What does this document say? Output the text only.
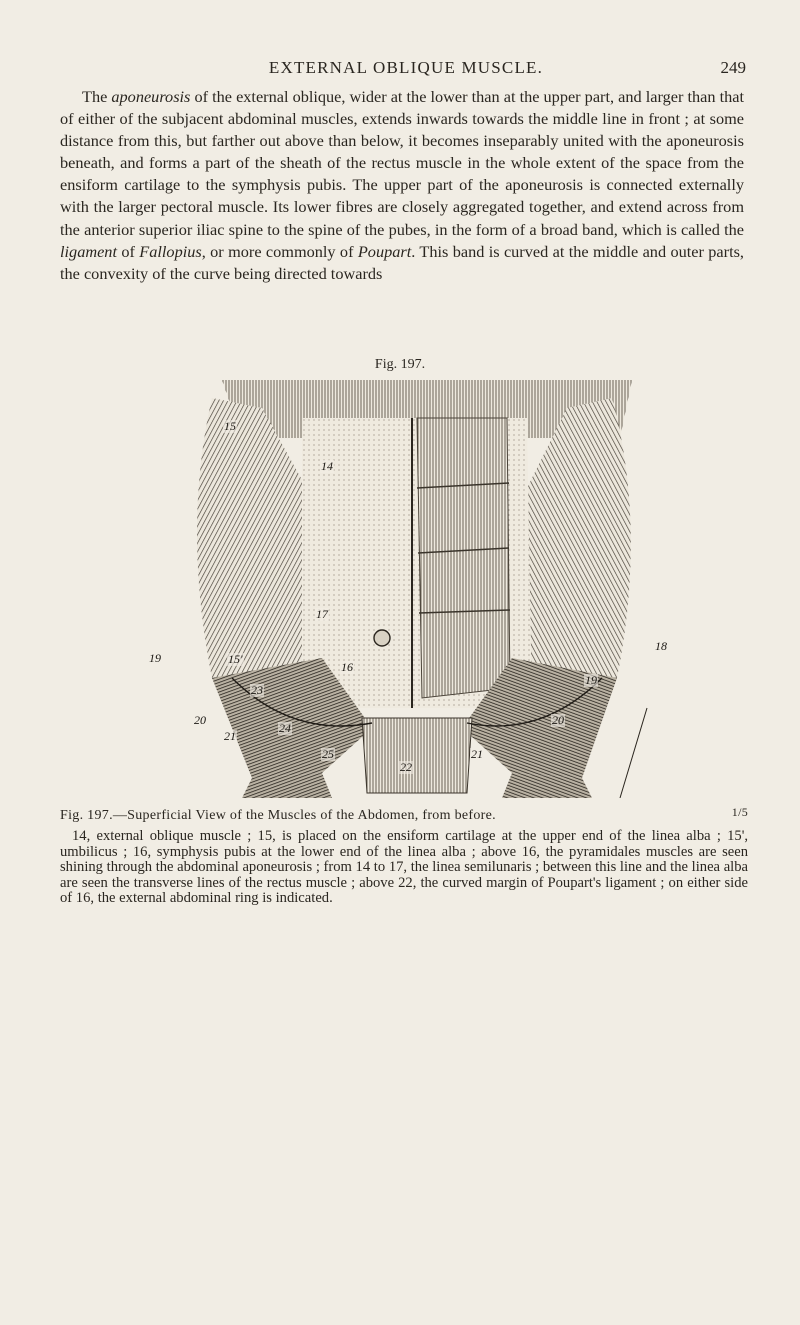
EXTERNAL OBLIQUE MUSCLE.	249

The aponeurosis of the external oblique, wider at the lower than at the upper part, and larger than that of either of the subjacent abdominal muscles, extends inwards towards the middle line in front ; at some distance from this, but farther out above than below, it becomes inseparably united with the aponeurosis beneath, and forms a part of the sheath of the rectus muscle in the whole extent of the space from the ensiform cartilage to the symphysis pubis. The upper part of the aponeurosis is connected externally with the larger pectoral muscle. Its lower fibres are closely aggregated together, and extend across from the anterior superior iliac spine to the spine of the pubes, in the form of a broad band, which is called the ligament of Fallopius, or more commonly of Poupart. This band is curved at the middle and outer parts, the convexity of the curve being directed towards

Fig. 197.
15
14
15'
17
18
19
16
23
19
20	20
21
24
25	21
22
Fig. 197.—Superficial View of the Muscles of the Abdomen, from before.	1/5

14, external oblique muscle ; 15, is placed on the ensiform cartilage at the upper end of the linea alba ; 15', umbilicus ; 16, symphysis pubis at the lower end of the linea alba ; above 16, the pyramidales muscles are seen shining through the abdominal aponeurosis ; from 14 to 17, the linea semilunaris ; between this line and the linea alba are seen the transverse lines of the rectus muscle ; above 22, the curved margin of Poupart's ligament ; on either side of 16, the external abdominal ring is indicated.
